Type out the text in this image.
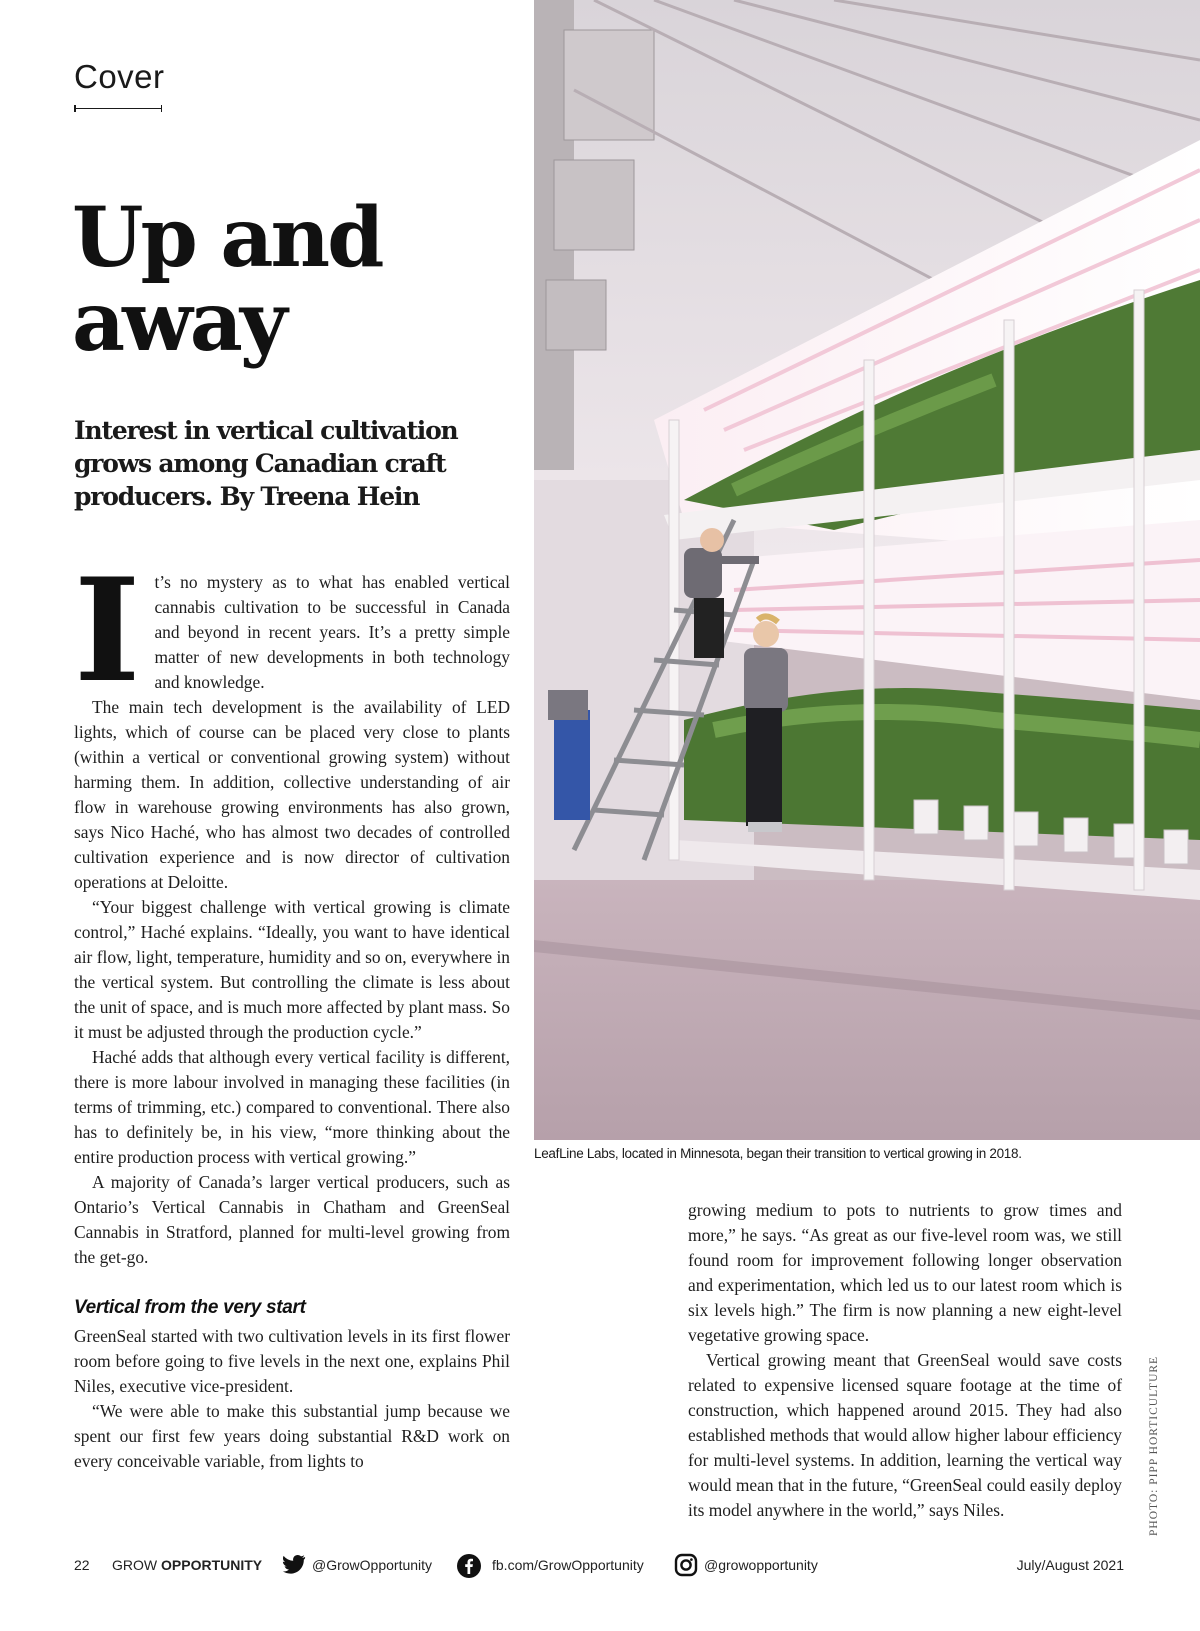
Cover

Up and
away

Interest in vertical cultivation grows among Canadian craft producers. By Treena Hein

It’s no mystery as to what has enabled vertical cannabis cultivation to be successful in Canada and beyond in recent years. It’s a pretty simple matter of new developments in both technology and knowledge.

The main tech development is the availability of LED lights, which of course can be placed very close to plants (within a vertical or conventional growing system) without harming them. In addition, collective understanding of air flow in warehouse growing environments has also grown, says Nico Haché, who has almost two decades of controlled cultivation experience and is now director of cultivation operations at Deloitte.

“Your biggest challenge with vertical growing is climate control,” Haché explains. “Ideally, you want to have identical air flow, light, temperature, humidity and so on, everywhere in the vertical system. But controlling the climate is less about the unit of space, and is much more affected by plant mass. So it must be adjusted through the production cycle.”

Haché adds that although every vertical facility is different, there is more labour involved in managing these facilities (in terms of trimming, etc.) compared to conventional. There also has to definitely be, in his view, “more thinking about the entire production process with vertical growing.”

A majority of Canada’s larger vertical producers, such as Ontario’s Vertical Cannabis in Chatham and GreenSeal Cannabis in Stratford, planned for multi-level growing from the get-go.

Vertical from the very start

GreenSeal started with two cultivation levels in its first flower room before going to five levels in the next one, explains Phil Niles, executive vice-president.

“We were able to make this substantial jump because we spent our first few years doing substantial R&D work on every conceivable variable, from lights to

LeafLine Labs, located in Minnesota, began their transition to vertical growing in 2018.

PHOTO: PIPP HORTICULTURE

growing medium to pots to nutrients to grow times and more,” he says. “As great as our five-level room was, we still found room for improvement following longer observation and experimentation, which led us to our latest room which is six levels high.” The firm is now planning a new eight-level vegetative growing space.

Vertical growing meant that GreenSeal would save costs related to expensive licensed square footage at the time of construction, which happened around 2015. They had also established methods that would allow higher labour efficiency for multi-level systems. In addition, learning the vertical way would mean that in the future, “GreenSeal could easily deploy its model anywhere in the world,” says Niles.

22 GROW OPPORTUNITY	@GrowOpportunity	fb.com/GrowOpportunity	@growopportunity	July/August 2021
